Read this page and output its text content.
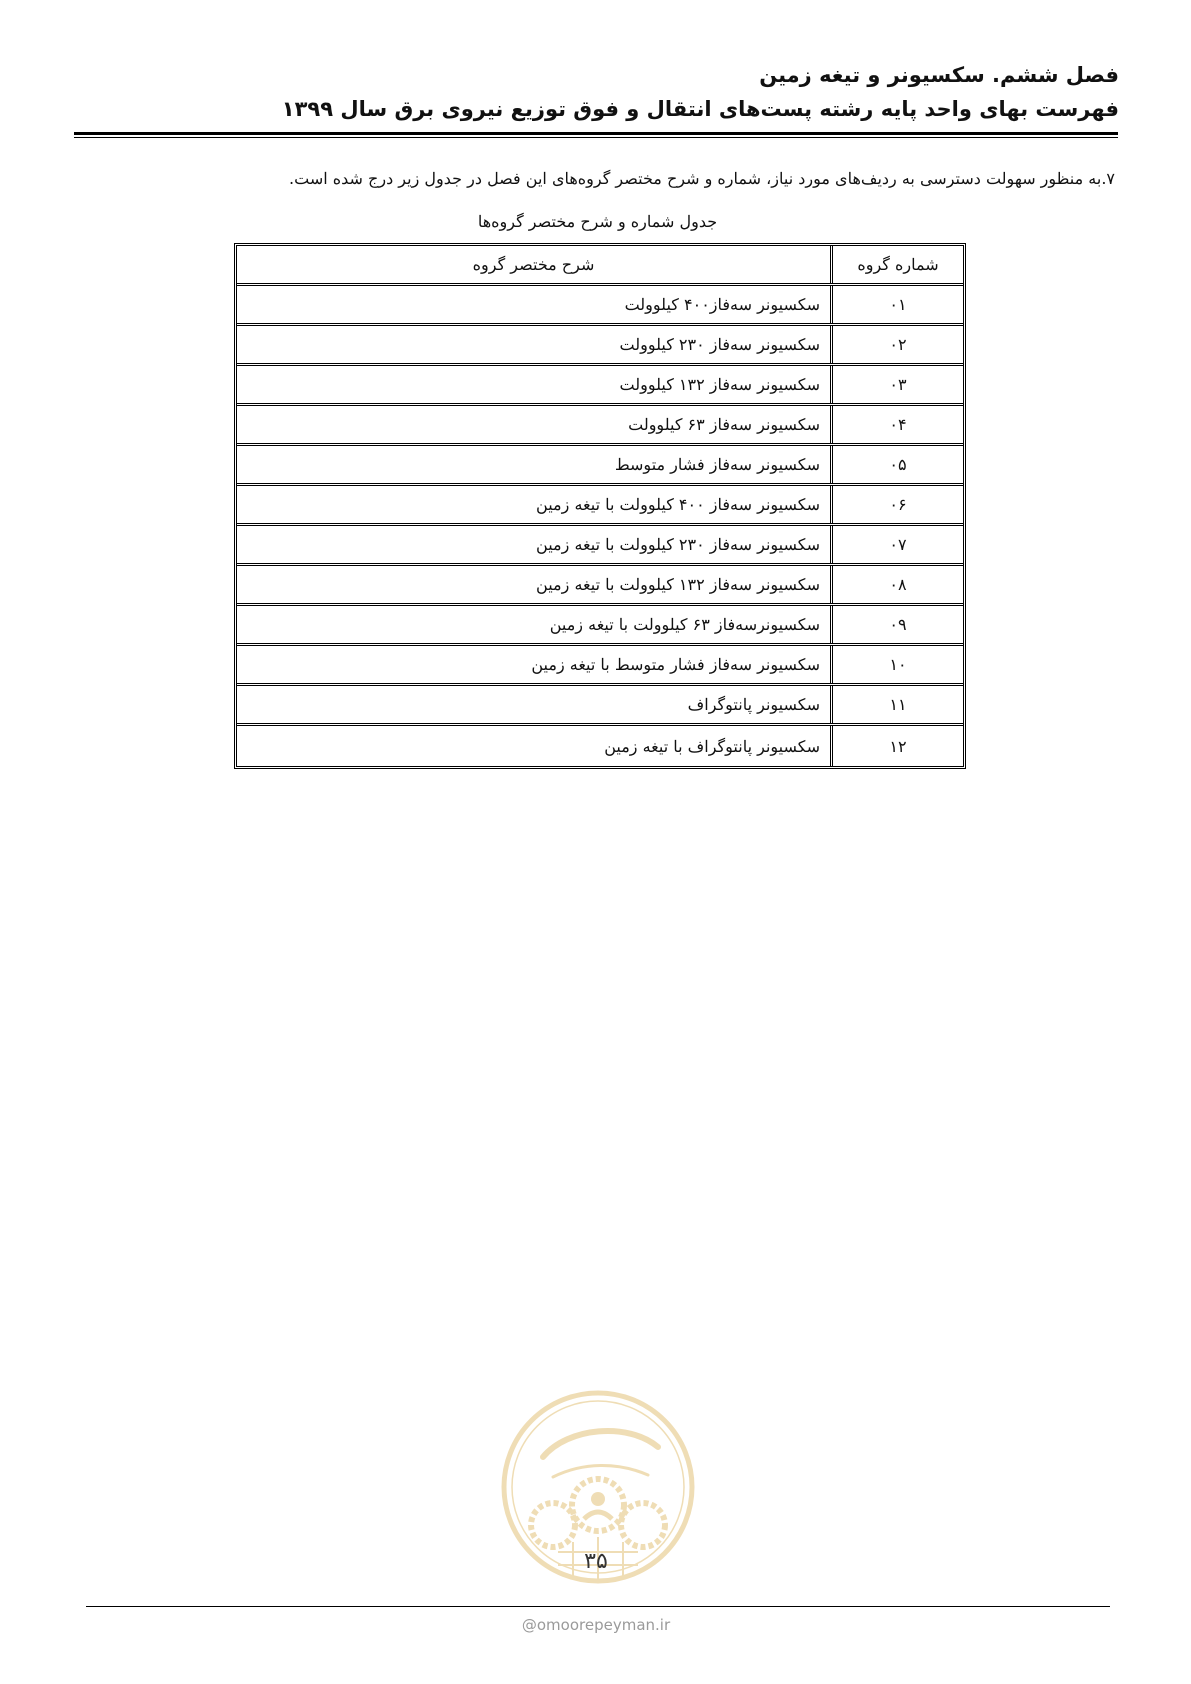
فصل ششم. سکسیونر و تیغه زمین
فهرست بهای واحد پایه رشته پست‌های انتقال و فوق توزیع نیروی برق سال ۱۳۹۹
۷.به منظور سهولت دسترسی به ردیف‌های مورد نیاز، شماره و شرح مختصر گروه‌های این فصل در جدول زیر درج شده است.
جدول شماره و شرح مختصر گروه‌ها
شماره گروه
شرح مختصر گروه
۰۱
سکسیونر سه‌فاز۴۰۰ کیلوولت
۰۲
سکسیونر سه‌فاز ۲۳۰ کیلوولت
۰۳
سکسیونر سه‌فاز ۱۳۲ کیلوولت
۰۴
سکسیونر سه‌فاز ۶۳ کیلوولت
۰۵
سکسیونر سه‌فاز فشار متوسط
۰۶
سکسیونر سه‌فاز ۴۰۰ کیلوولت با تیغه زمین
۰۷
سکسیونر سه‌فاز ۲۳۰ کیلوولت با تیغه زمین
۰۸
سکسیونر سه‌فاز ۱۳۲ کیلوولت با تیغه زمین
۰۹
سکسیونرسه‌فاز ۶۳ کیلوولت با تیغه زمین
۱۰
سکسیونر سه‌فاز فشار متوسط با تیغه زمین
۱۱
سکسیونر پانتوگراف
۱۲
سکسیونر پانتوگراف با تیغه زمین
۳۵
@omoorepeyman.ir
